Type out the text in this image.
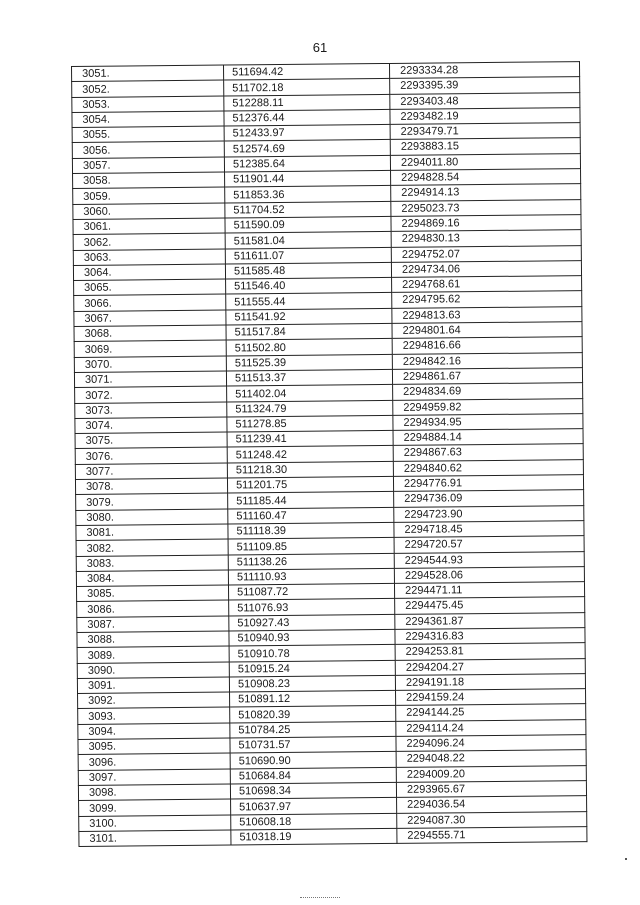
61
3051.	511694.42	2293334.28
3052.	511702.18	2293395.39
3053.	512288.11	2293403.48
3054.	512376.44	2293482.19
3055.	512433.97	2293479.71
3056.	512574.69	2293883.15
3057.	512385.64	2294011.80
3058.	511901.44	2294828.54
3059.	511853.36	2294914.13
3060.	511704.52	2295023.73
3061.	511590.09	2294869.16
3062.	511581.04	2294830.13
3063.	511611.07	2294752.07
3064.	511585.48	2294734.06
3065.	511546.40	2294768.61
3066.	511555.44	2294795.62
3067.	511541.92	2294813.63
3068.	511517.84	2294801.64
3069.	511502.80	2294816.66
3070.	511525.39	2294842.16
3071.	511513.37	2294861.67
3072.	511402.04	2294834.69
3073.	511324.79	2294959.82
3074.	511278.85	2294934.95
3075.	511239.41	2294884.14
3076.	511248.42	2294867.63
3077.	511218.30	2294840.62
3078.	511201.75	2294776.91
3079.	511185.44	2294736.09
3080.	511160.47	2294723.90
3081.	511118.39	2294718.45
3082.	511109.85	2294720.57
3083.	511138.26	2294544.93
3084.	511110.93	2294528.06
3085.	511087.72	2294471.11
3086.	511076.93	2294475.45
3087.	510927.43	2294361.87
3088.	510940.93	2294316.83
3089.	510910.78	2294253.81
3090.	510915.24	2294204.27
3091.	510908.23	2294191.18
3092.	510891.12	2294159.24
3093.	510820.39	2294144.25
3094.	510784.25	2294114.24
3095.	510731.57	2294096.24
3096.	510690.90	2294048.22
3097.	510684.84	2294009.20
3098.	510698.34	2293965.67
3099.	510637.97	2294036.54
3100.	510608.18	2294087.30
3101.	510318.19	2294555.71
